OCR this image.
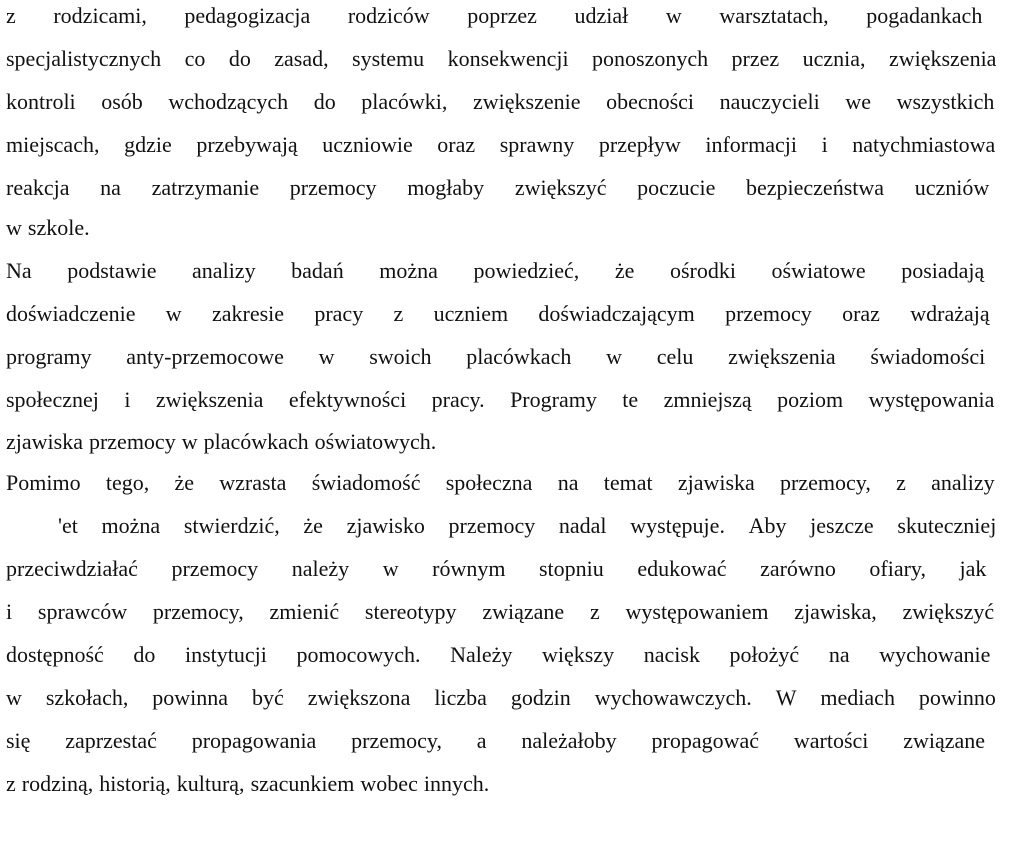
z rodzicami, pedagogizacja rodziców poprzez udział w warsztatach, pogadankach
specjalistycznych co do zasad, systemu konsekwencji ponoszonych przez ucznia, zwiększenia
kontroli osób wchodzących do placówki, zwiększenie obecności nauczycieli we wszystkich
miejscach, gdzie przebywają uczniowie oraz sprawny przepływ informacji i natychmiastowa
reakcja na zatrzymanie przemocy mogłaby zwiększyć poczucie bezpieczeństwa uczniów
w szkole.
Na podstawie analizy badań można powiedzieć, że ośrodki oświatowe posiadają
doświadczenie w zakresie pracy z uczniem doświadczającym przemocy oraz wdrażają
programy anty-przemocowe w swoich placówkach w celu zwiększenia świadomości
społecznej i zwiększenia efektywności pracy. Programy te zmniejszą poziom występowania
zjawiska przemocy w placówkach oświatowych.
Pomimo tego, że wzrasta świadomość społeczna na temat zjawiska przemocy, z analizy
'et można stwierdzić, że zjawisko przemocy nadal występuje. Aby jeszcze skuteczniej
przeciwdziałać przemocy należy w równym stopniu edukować zarówno ofiary, jak
i sprawców przemocy, zmienić stereotypy związane z występowaniem zjawiska, zwiększyć
dostępność do instytucji pomocowych. Należy większy nacisk położyć na wychowanie
w szkołach, powinna być zwiększona liczba godzin wychowawczych. W mediach powinno
się zaprzestać propagowania przemocy, a należałoby propagować wartości związane
z rodziną, historią, kulturą, szacunkiem wobec innych.
